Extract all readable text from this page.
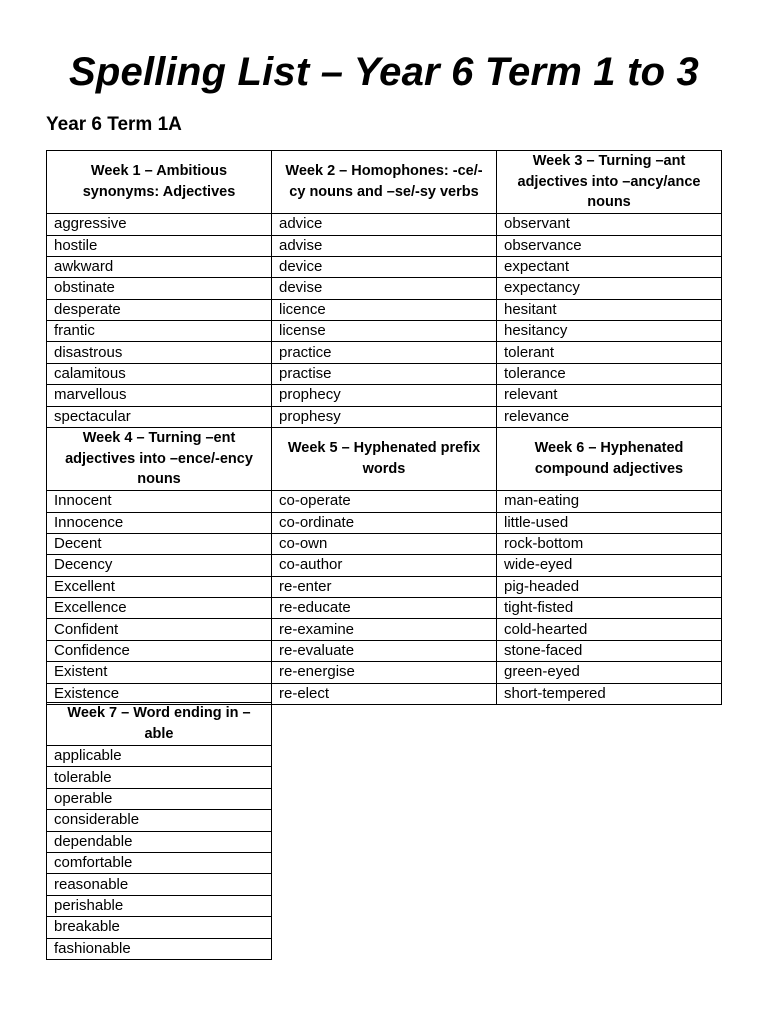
Spelling List – Year 6 Term 1 to 3
Year 6 Term 1A
Week 1 – Ambitious synonyms: Adjectives	Week 2 – Homophones: -ce/-cy nouns and –se/-sy verbs	Week 3 – Turning –ant adjectives into –ancy/ance nouns
aggressive	advice	observant
hostile	advise	observance
awkward	device	expectant
obstinate	devise	expectancy
desperate	licence	hesitant
frantic	license	hesitancy
disastrous	practice	tolerant
calamitous	practise	tolerance
marvellous	prophecy	relevant
spectacular	prophesy	relevance
Week 4 – Turning –ent adjectives into –ence/-ency nouns	Week 5 – Hyphenated prefix words	Week 6 – Hyphenated compound adjectives
Innocent	co-operate	man-eating
Innocence	co-ordinate	little-used
Decent	co-own	rock-bottom
Decency	co-author	wide-eyed
Excellent	re-enter	pig-headed
Excellence	re-educate	tight-fisted
Confident	re-examine	cold-hearted
Confidence	re-evaluate	stone-faced
Existent	re-energise	green-eyed
Existence	re-elect	short-tempered
Week 7 – Word ending in –able
applicable
tolerable
operable
considerable
dependable
comfortable
reasonable
perishable
breakable
fashionable
